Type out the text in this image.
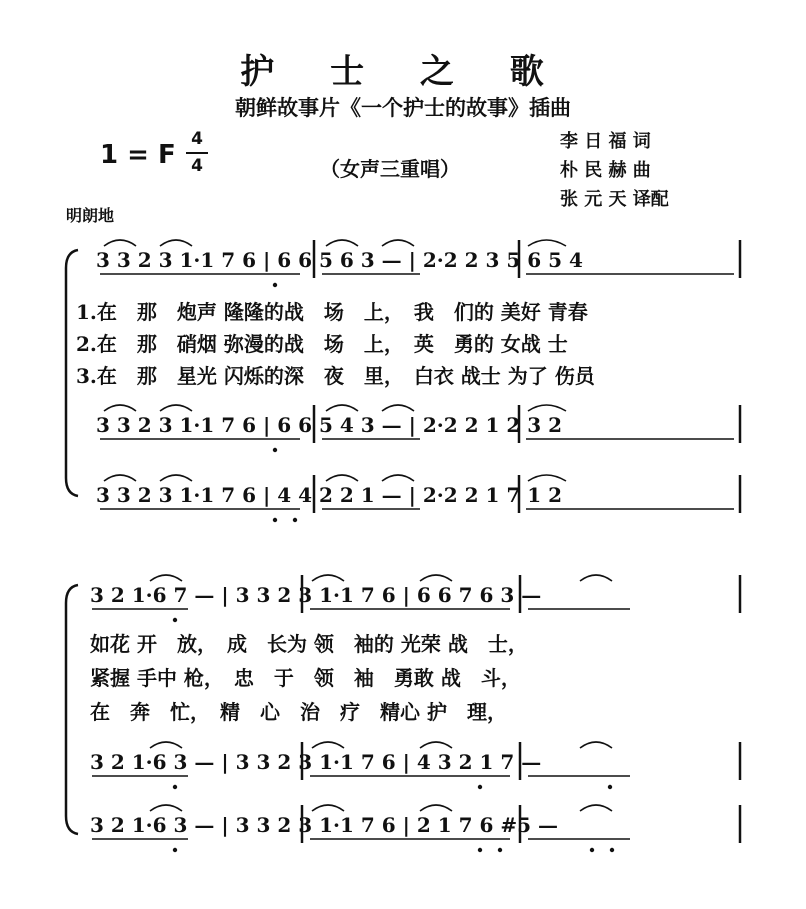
护 士 之 歌
朝鲜故事片《一个护士的故事》插曲
1 = F
4
4	（女声三重唱）
李 日 福 词
朴 民 赫 曲
张 元 天 译配
明朗地
3 3 2 3 1·1 7 6 | 6 6 5 6 3 — | 2·2 2 3 5 6 5 4
1.在　那　炮声 隆隆的战　场　上，　我　们的 美好 青春
2.在　那　硝烟 弥漫的战　场　上，　英　勇的 女战 士
3.在　那　星光 闪烁的深　夜　里，　白衣 战士 为了 伤员
3 3 2 3 1·1 7 6 | 6 6 5 4 3 — | 2·2 2 1 2 3 2
3 3 2 3 1·1 7 6 | 4 4 2 2 1 — | 2·2 2 1 7 1 2
3 2 1·6 7 — | 3 3 2 3 1·1 7 6 | 6 6 7 6 3 —
如花 开　放，　成　长为 领　袖的 光荣 战　士，
紧握 手中 枪，　忠　于　领　袖　勇敢 战　斗，
在　奔　忙，　精　心　治　疗　精心 护　理，
3 2 1·6 3 — | 3 3 2 3 1·1 7 6 | 4 3 2 1 7 —
3 2 1·6 3 — | 3 3 2 3 1·1 7 6 | 2 1 7 6 #5 —
